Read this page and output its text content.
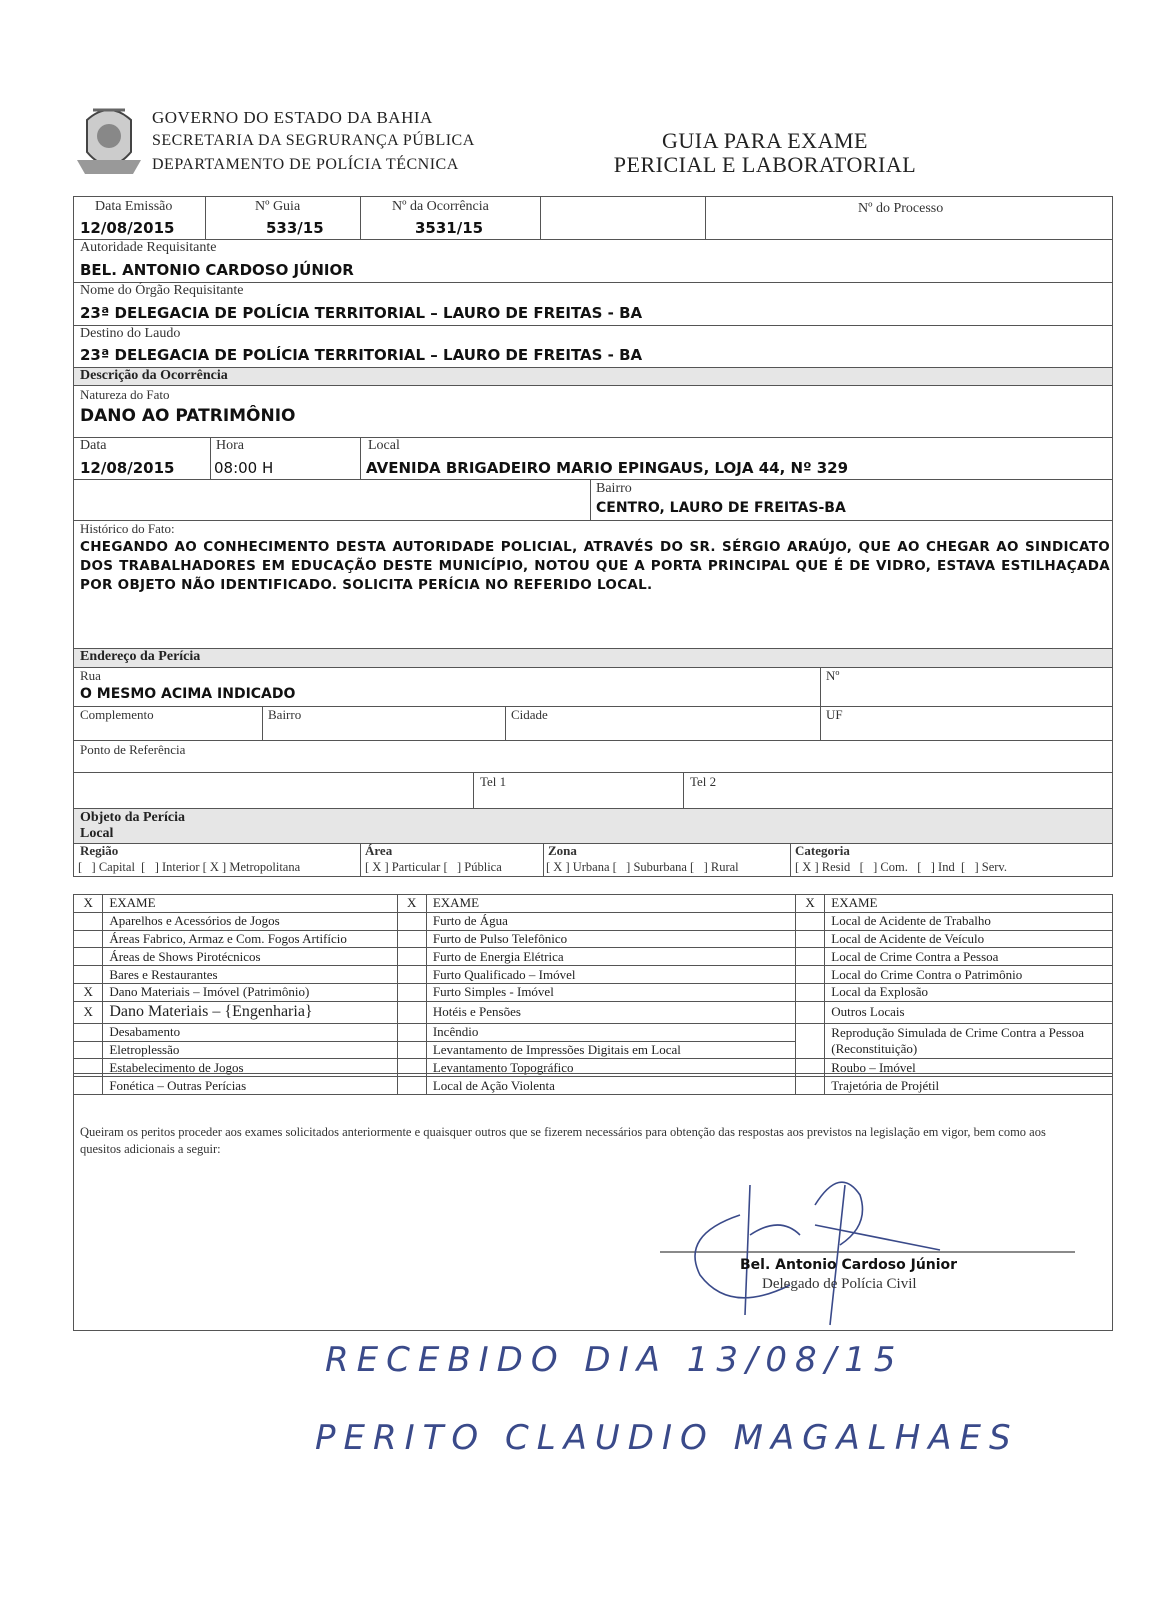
GOVERNO DO ESTADO DA BAHIA
SECRETARIA DA SEGRURANÇA PÚBLICA
DEPARTAMENTO DE POLÍCIA TÉCNICA
GUIA PARA EXAME
PERICIAL E LABORATORIAL
Data Emissão
12/08/2015
Nº Guia
533/15
Nº da Ocorrência
3531/15
Nº do Processo
Autoridade Requisitante
BEL. ANTONIO CARDOSO JÚNIOR
Nome do Órgão Requisitante
23ª DELEGACIA DE POLÍCIA TERRITORIAL – LAURO DE FREITAS - BA
Destino do Laudo
23ª DELEGACIA DE POLÍCIA TERRITORIAL – LAURO DE FREITAS - BA
Descrição da Ocorrência
Natureza do Fato
DANO AO PATRIMÔNIO
Data
12/08/2015
Hora
08:00 H
Local
AVENIDA BRIGADEIRO MARIO EPINGAUS, LOJA 44, Nº 329
Bairro
CENTRO, LAURO DE FREITAS-BA
Histórico do Fato:
CHEGANDO AO CONHECIMENTO DESTA AUTORIDADE POLICIAL, ATRAVÉS DO SR. SÉRGIO ARAÚJO, QUE AO CHEGAR AO SINDICATO DOS TRABALHADORES EM EDUCAÇÃO DESTE MUNICÍPIO, NOTOU QUE A PORTA PRINCIPAL QUE É DE VIDRO, ESTAVA ESTILHAÇADA POR OBJETO NÃO IDENTIFICADO. SOLICITA PERÍCIA NO REFERIDO LOCAL.
Endereço da Perícia
Rua
O MESMO ACIMA INDICADO
Nº
Complemento	Bairro	Cidade	UF
Ponto de Referência
Tel 1	Tel 2
Objeto da Perícia
Local
Região
[   ] Capital  [   ] Interior [ X ] Metropolitana
Área
[ X ] Particular [   ] Pública
Zona
[ X ] Urbana [   ] Suburbana [   ] Rural
Categoria
[ X ] Resid   [   ] Com.   [   ] Ind  [   ] Serv.
X	EXAME	X	EXAME	X	EXAME
	Aparelhos e Acessórios de Jogos		Furto de Água		Local de Acidente de Trabalho
	Áreas Fabrico, Armaz e Com. Fogos Artifício		Furto de Pulso Telefônico		Local de Acidente de Veículo
	Áreas de Shows Pirotécnicos		Furto de Energia Elétrica		Local de Crime Contra a Pessoa
	Bares e Restaurantes		Furto Qualificado – Imóvel		Local do Crime Contra o Patrimônio
X	Dano Materiais – Imóvel (Patrimônio)		Furto Simples - Imóvel		Local da Explosão
X	Dano Materiais – {Engenharia}		Hotéis e Pensões		Outros Locais
	Desabamento		Incêndio		Reprodução Simulada de Crime Contra a Pessoa (Reconstituição)
	Eletroplessão		Levantamento de Impressões Digitais em Local		
	Estabelecimento de Jogos		Levantamento Topográfico		Roubo – Imóvel
	Fonética – Outras Perícias		Local de Ação Violenta		Trajetória de Projétil
Queiram os peritos proceder aos exames solicitados anteriormente e quaisquer outros que se fizerem necessários para obtenção das respostas aos previstos na legislação em vigor, bem como aos quesitos adicionais a seguir:
Bel. Antonio Cardoso Júnior
Delegado de Polícia Civil
RECEBIDO DIA 13/08/15
PERITO CLAUDIO MAGALHAES
